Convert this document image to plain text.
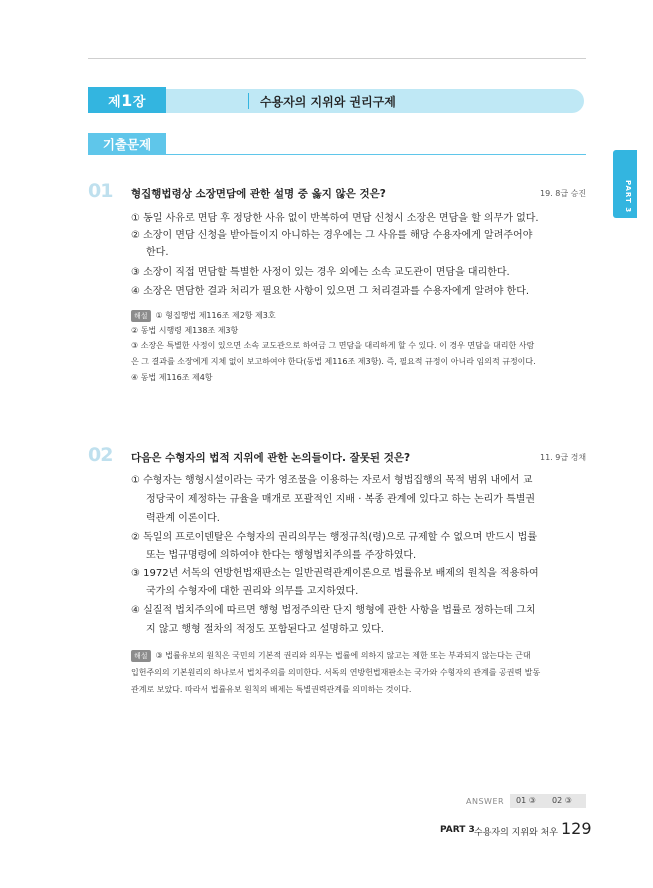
제 1 장	수용자의 지위와 권리구제
기출문제
PART 3
01 형집행법령상 소장면담에 관한 설명 중 옳지 않은 것은?	19. 8급 승진
① 동일 사유로 면담 후 정당한 사유 없이 반복하여 면담 신청시 소장은 면담을 할 의무가 없다.
② 소장이 면담 신청을 받아들이지 아니하는 경우에는 그 사유를 해당 수용자에게 알려주어야
한다.
③ 소장이 직접 면담할 특별한 사정이 있는 경우 외에는 소속 교도관이 면담을 대리한다.
④ 소장은 면담한 결과 처리가 필요한 사항이 있으면 그 처리결과를 수용자에게 알려야 한다.
해설 ① 형집행법 제116조 제2항 제3호
② 동법 시행령 제138조 제3항
③ 소장은 특별한 사정이 있으면 소속 교도관으로 하여금 그 면담을 대리하게 할 수 있다. 이 경우 면담을 대리한 사람
은 그 결과를 소장에게 지체 없이 보고하여야 한다(동법 제116조 제3항). 즉, 필요적 규정이 아니라 임의적 규정이다.
④ 동법 제116조 제4항
02 다음은 수형자의 법적 지위에 관한 논의들이다. 잘못된 것은?	11. 9급 경채
① 수형자는 행형시설이라는 국가 영조물을 이용하는 자로서 형법집행의 목적 범위 내에서 교
정당국이 제정하는 규율을 매개로 포괄적인 지배 · 복종 관계에 있다고 하는 논리가 특별권
력관계 이론이다.
② 독일의 프로이덴탈은 수형자의 권리의무는 행정규칙(령)으로 규제할 수 없으며 반드시 법률
또는 법규명령에 의하여야 한다는 행형법치주의를 주장하였다.
③ 1972년 서독의 연방헌법재판소는 일반권력관계이론으로 법률유보 배제의 원칙을 적용하여
국가의 수형자에 대한 권리와 의무를 고지하였다.
④ 실질적 법치주의에 따르면 행형 법정주의란 단지 행형에 관한 사항을 법률로 정하는데 그치
지 않고 행형 절차의 적정도 포함된다고 설명하고 있다.
해설 ③ 법률유보의 원칙은 국민의 기본적 권리와 의무는 법률에 의하지 않고는 제한 또는 부과되지 않는다는 근대
입헌주의의 기본원리의 하나로서 법치주의를 의미한다. 서독의 연방헌법재판소는 국가와 수형자의 관계를 공권력 발동
관계로 보았다. 따라서 법률유보 원칙의 배제는 특별권력관계를 의미하는 것이다.
ANSWER 01 ③ 02 ③
PART 3 수용자의 지위와 처우 129
